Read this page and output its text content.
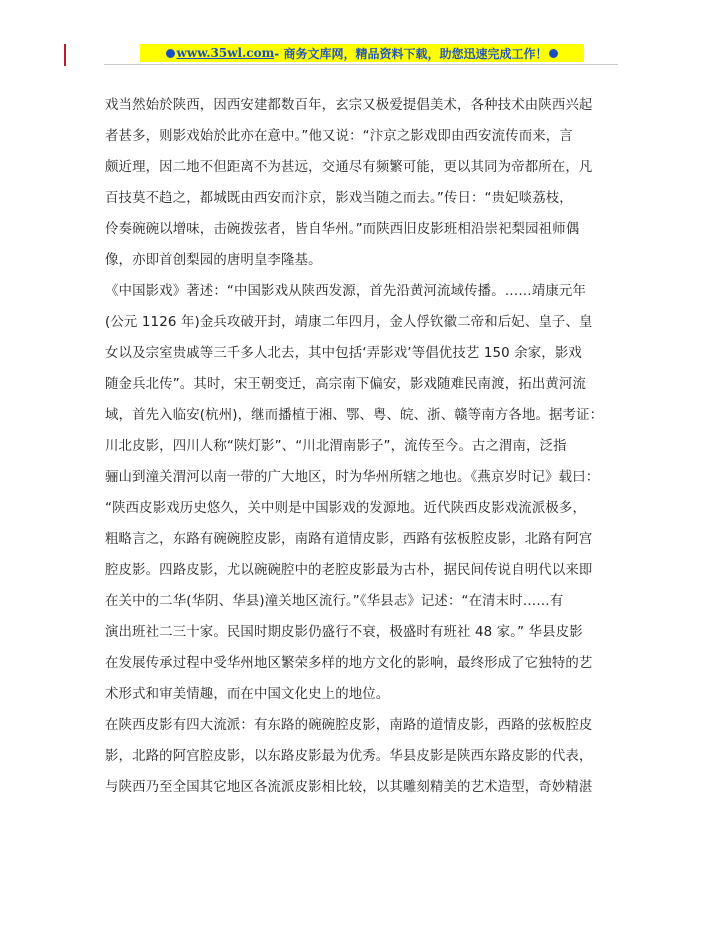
www.35wl.com - 商务文库网，精品资料下载，助您迅速完成工作！
戏当然始於陕西，因西安建都数百年，玄宗又极爱提倡美术，各种技术由陕西兴起
者甚多，则影戏始於此亦在意中。”他又说：“汴京之影戏即由西安流传而来，言
颇近理，因二地不但距离不为甚远，交通尽有频繁可能，更以其同为帝都所在，凡
百技莫不趋之，都城既由西安而汴京，影戏当随之而去。”传日：“贵妃啖荔枝，
伶奏碗碗以增味，击碗拨弦者，皆自华州。”而陕西旧皮影班相沿崇祀梨园祖师偶
像，亦即首创梨园的唐明皇李隆基。
《中国影戏》著述：“中国影戏从陕西发源，首先沿黄河流域传播。……靖康元年
(公元 1126 年)金兵攻破开封，靖康二年四月，金人俘钦徽二帝和后妃、皇子、皇
女以及宗室贵戚等三千多人北去，其中包括‘弄影戏’等倡优技艺 150 余家，影戏
随金兵北传”。其时，宋王朝变迁，高宗南下偏安，影戏随难民南渡，拓出黄河流
域，首先入临安(杭州)，继而播植于湘、鄂、粤、皖、浙、赣等南方各地。据考证：
川北皮影，四川人称“陕灯影”、“川北渭南影子”，流传至今。古之渭南，泛指
骊山到潼关渭河以南一带的广大地区，时为华州所辖之地也。《燕京岁时记》载曰：
“陕西皮影戏历史悠久，关中则是中国影戏的发源地。近代陕西皮影戏流派极多，
粗略言之，东路有碗碗腔皮影，南路有道情皮影，西路有弦板腔皮影，北路有阿宫
腔皮影。四路皮影，尤以碗碗腔中的老腔皮影最为古朴，据民间传说自明代以来即
在关中的二华(华阴、华县)潼关地区流行。”《华县志》记述：“在清末时……有
演出班社二三十家。民国时期皮影仍盛行不衰，极盛时有班社 48 家。” 华县皮影
在发展传承过程中受华州地区繁荣多样的地方文化的影响，最终形成了它独特的艺
术形式和审美情趣，而在中国文化史上的地位。
在陕西皮影有四大流派：有东路的碗碗腔皮影，南路的道情皮影，西路的弦板腔皮
影，北路的阿宫腔皮影，以东路皮影最为优秀。华县皮影是陕西东路皮影的代表，
与陕西乃至全国其它地区各流派皮影相比较，以其雕刻精美的艺术造型，奇妙精湛
